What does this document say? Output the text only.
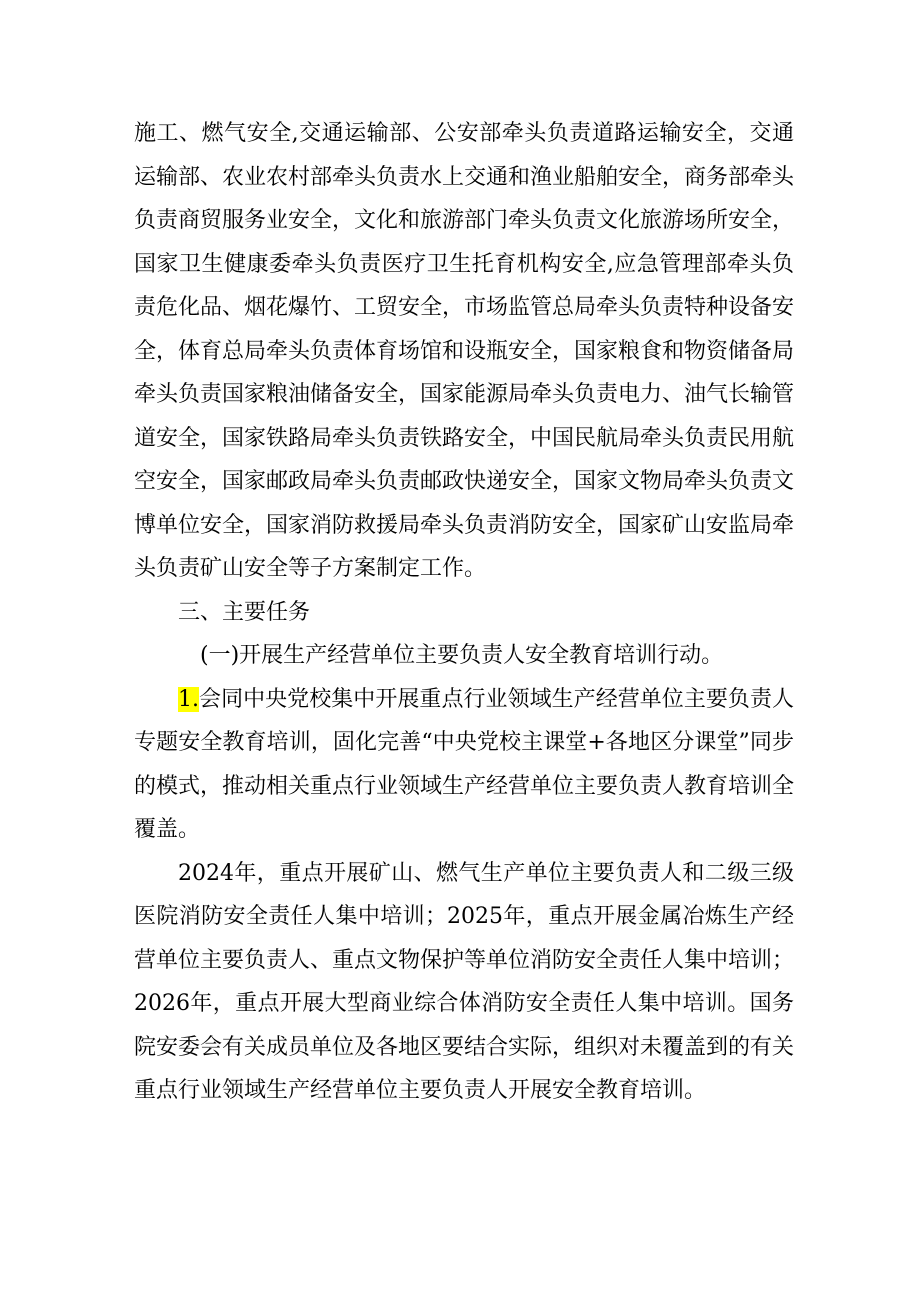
施工、燃气安全,交通运输部、公安部牵头负责道路运输安全，交通运输部、农业农村部牵头负责水上交通和渔业船舶安全，商务部牵头负责商贸服务业安全，文化和旅游部门牵头负责文化旅游场所安全，国家卫生健康委牵头负责医疗卫生托育机构安全,应急管理部牵头负责危化品、烟花爆竹、工贸安全，市场监管总局牵头负责特种设备安全，体育总局牵头负责体育场馆和设瓶安全，国家粮食和物资储备局牵头负责国家粮油储备安全，国家能源局牵头负责电力、油气长输管道安全，国家铁路局牵头负责铁路安全，中国民航局牵头负责民用航空安全，国家邮政局牵头负责邮政快递安全，国家文物局牵头负责文博单位安全，国家消防救援局牵头负责消防安全，国家矿山安监局牵头负责矿山安全等子方案制定工作。

三、主要任务

(一)开展生产经营单位主要负责人安全教育培训行动。

1.会同中央党校集中开展重点行业领域生产经营单位主要负责人专题安全教育培训，固化完善“中央党校主课堂+各地区分课堂”同步的模式，推动相关重点行业领域生产经营单位主要负责人教育培训全覆盖。

2024年，重点开展矿山、燃气生产单位主要负责人和二级三级医院消防安全责任人集中培训；2025年，重点开展金属冶炼生产经营单位主要负责人、重点文物保护等单位消防安全责任人集中培训；2026年，重点开展大型商业综合体消防安全责任人集中培训。国务院安委会有关成员单位及各地区要结合实际，组织对未覆盖到的有关重点行业领域生产经营单位主要负责人开展安全教育培训。
